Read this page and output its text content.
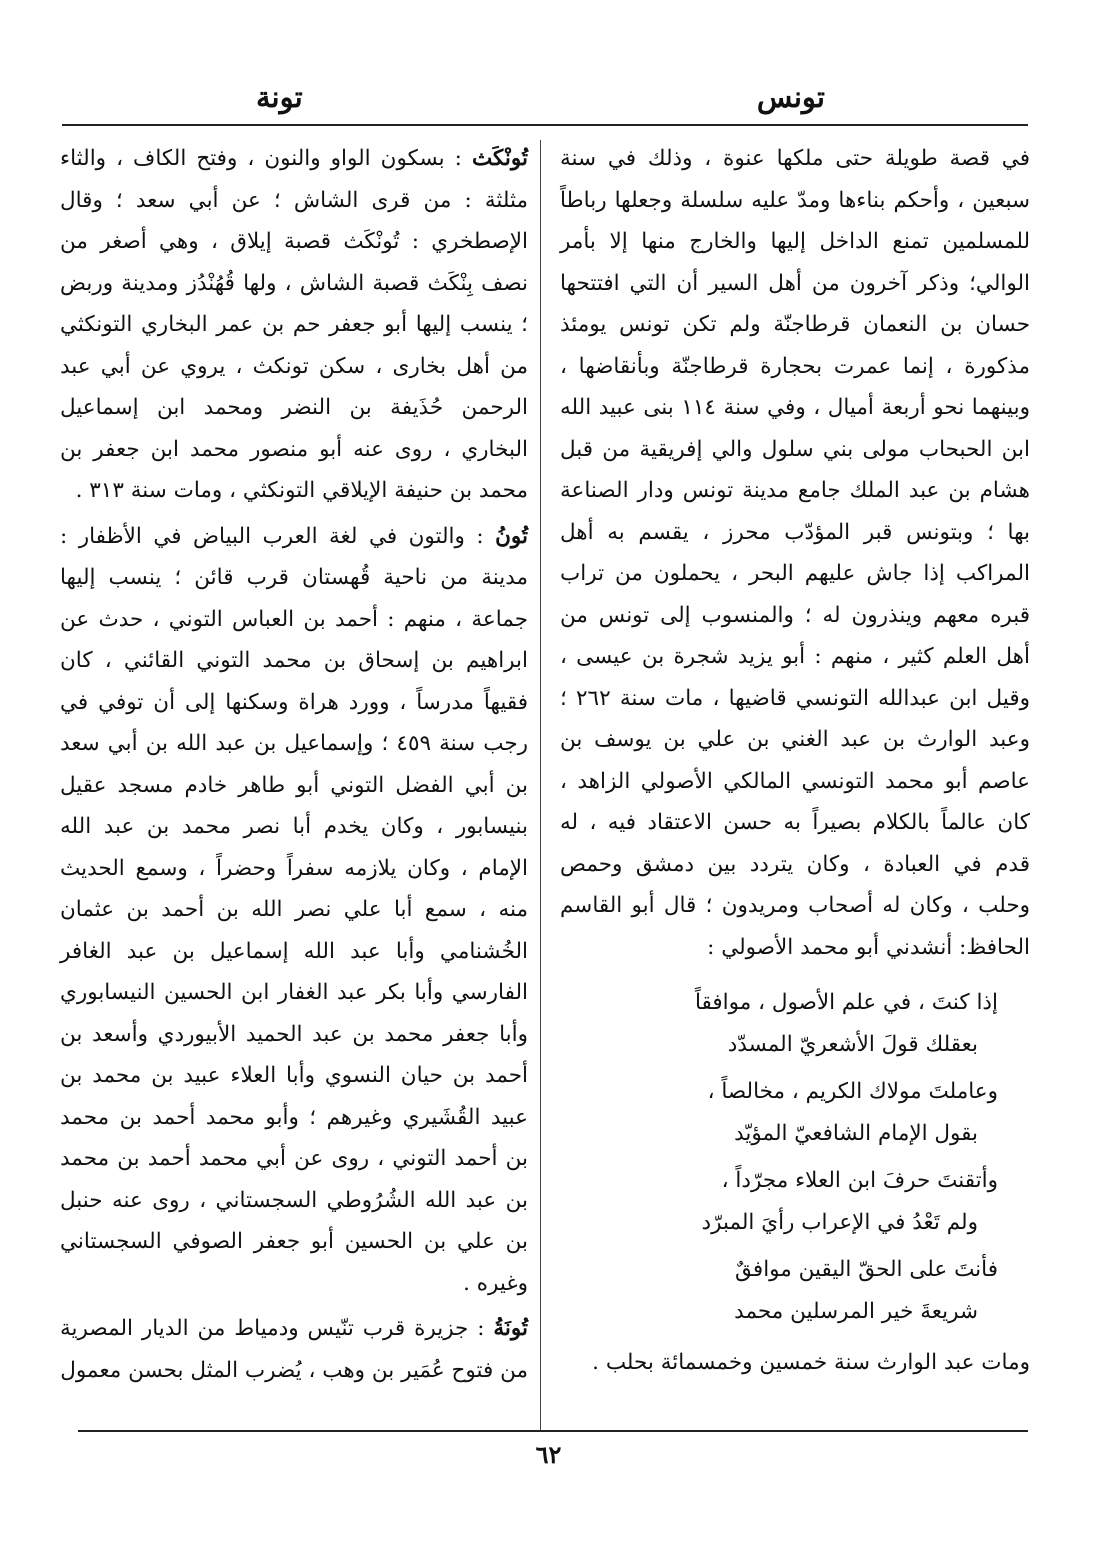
تونس
تونة

في قصة طويلة حتى ملكها عنوة ، وذلك في سنة سبعين ، وأحكم بناءها ومدّ عليه سلسلة وجعلها رباطاً للمسلمين تمنع الداخل إليها والخارج منها إلا بأمر الوالي؛ وذكر آخرون من أهل السير أن التي افتتحها حسان بن النعمان قرطاجنّة ولم تكن تونس يومئذ مذكورة ، إنما عمرت بحجارة قرطاجنّة وبأنقاضها ، وبينهما نحو أربعة أميال ، وفي سنة ١١٤ بنى عبيد الله ابن الحبحاب مولى بني سلول والي إفريقية من قبل هشام بن عبد الملك جامع مدينة تونس ودار الصناعة بها ؛ وبتونس قبر المؤدّب محرز ، يقسم به أهل المراكب إذا جاش عليهم البحر ، يحملون من تراب قبره معهم وينذرون له ؛ والمنسوب إلى تونس من أهل العلم كثير ، منهم : أبو يزيد شجرة بن عيسى ، وقيل ابن عبدالله التونسي قاضيها ، مات سنة ٢٦٢ ؛ وعبد الوارث بن عبد الغني بن علي بن يوسف بن عاصم أبو محمد التونسي المالكي الأصولي الزاهد ، كان عالماً بالكلام بصيراً به حسن الاعتقاد فيه ، له قدم في العبادة ، وكان يتردد بين دمشق وحمص وحلب ، وكان له أصحاب ومريدون ؛ قال أبو القاسم الحافظ: أنشدني أبو محمد الأصولي :

إذا كنتَ ، في علم الأصول ، موافقاً
بعقلك قولَ الأشعريّ المسدّد
وعاملتَ مولاك الكريم ، مخالصاً ،
بقول الإمام الشافعيّ المؤيّد
وأتقنتَ حرفَ ابن العلاء مجرّداً ،
ولم تَعْدُ في الإعراب رأيَ المبرّد
فأنتَ على الحقّ اليقين موافقٌ
شريعةَ خير المرسلين محمد

ومات عبد الوارث سنة خمسين وخمسمائة بحلب .

تُونْكَث : بسكون الواو والنون ، وفتح الكاف ، والثاء مثلثة : من قرى الشاش ؛ عن أبي سعد ؛ وقال الإصطخري : تُونْكَث قصبة إيلاق ، وهي أصغر من نصف بِنْكَث قصبة الشاش ، ولها قُهُنْدُز ومدينة وربض ؛ ينسب إليها أبو جعفر حم بن عمر البخاري التونكثي من أهل بخارى ، سكن تونكث ، يروي عن أبي عبد الرحمن حُذَيفة بن النضر ومحمد ابن إسماعيل البخاري ، روى عنه أبو منصور محمد ابن جعفر بن محمد بن حنيفة الإيلاقي التونكثي ، ومات سنة ٣١٣ .

تُونُ : والتون في لغة العرب البياض في الأظفار : مدينة من ناحية قُهستان قرب قائن ؛ ينسب إليها جماعة ، منهم : أحمد بن العباس التوني ، حدث عن ابراهيم بن إسحاق بن محمد التوني القائني ، كان فقيهاً مدرساً ، وورد هراة وسكنها إلى أن توفي في رجب سنة ٤٥٩ ؛ وإسماعيل بن عبد الله بن أبي سعد بن أبي الفضل التوني أبو طاهر خادم مسجد عقيل بنيسابور ، وكان يخدم أبا نصر محمد بن عبد الله الإمام ، وكان يلازمه سفراً وحضراً ، وسمع الحديث منه ، سمع أبا علي نصر الله بن أحمد بن عثمان الخُشنامي وأبا عبد الله إسماعيل بن عبد الغافر الفارسي وأبا بكر عبد الغفار ابن الحسين النيسابوري وأبا جعفر محمد بن عبد الحميد الأبيوردي وأسعد بن أحمد بن حيان النسوي وأبا العلاء عبيد بن محمد بن عبيد القُشَيري وغيرهم ؛ وأبو محمد أحمد بن محمد بن أحمد التوني ، روى عن أبي محمد أحمد بن محمد بن عبد الله الشُرُوطي السجستاني ، روى عنه حنبل بن علي بن الحسين أبو جعفر الصوفي السجستاني وغيره .

تُونَةُ : جزيرة قرب تنّيس ودمياط من الديار المصرية من فتوح عُمَير بن وهب ، يُضرب المثل بحسن معمول

٦٢
